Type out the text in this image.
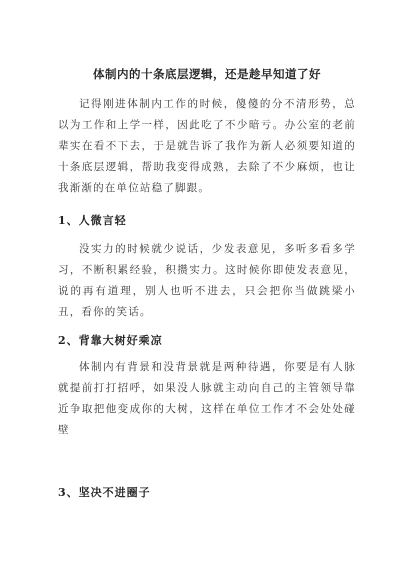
体制内的十条底层逻辑，还是趁早知道了好

记得刚进体制内工作的时候，傻傻的分不清形势，总以为工作和上学一样，因此吃了不少暗亏。办公室的老前辈实在看不下去，于是就告诉了我作为新人必须要知道的十条底层逻辑，帮助我变得成熟，去除了不少麻烦，也让我渐渐的在单位站稳了脚跟。

1、人微言轻

没实力的时候就少说话，少发表意见，多听多看多学习，不断积累经验，积攒实力。这时候你即使发表意见，说的再有道理，别人也听不进去，只会把你当做跳梁小丑，看你的笑话。

2、背靠大树好乘凉

体制内有背景和没背景就是两种待遇，你要是有人脉就提前打打招呼，如果没人脉就主动向自己的主管领导靠近争取把他变成你的大树，这样在单位工作才不会处处碰壁

3、坚决不进圈子
